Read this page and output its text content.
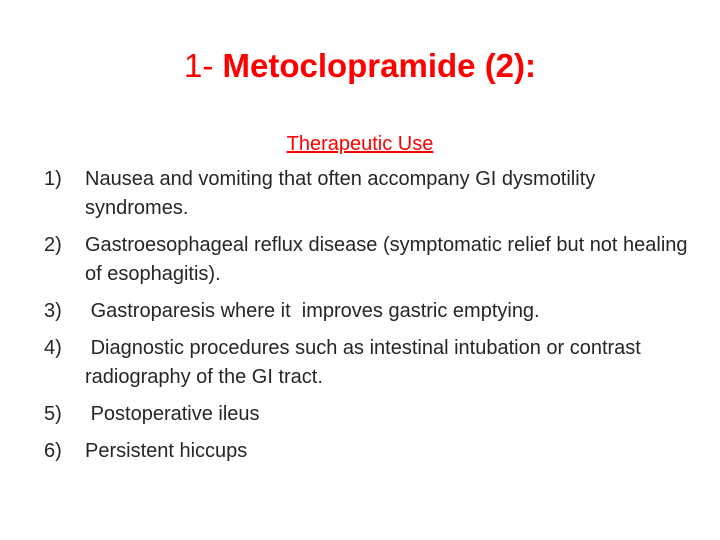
1- Metoclopramide (2):
Therapeutic Use
1)	Nausea and vomiting that often accompany GI dysmotility syndromes.
2)	Gastroesophageal reflux disease (symptomatic relief but not healing of esophagitis).
3)	Gastroparesis where it  improves gastric emptying.
4)	Diagnostic procedures such as intestinal intubation or contrast radiography of the GI tract.
5)	Postoperative ileus
6)	Persistent hiccups
